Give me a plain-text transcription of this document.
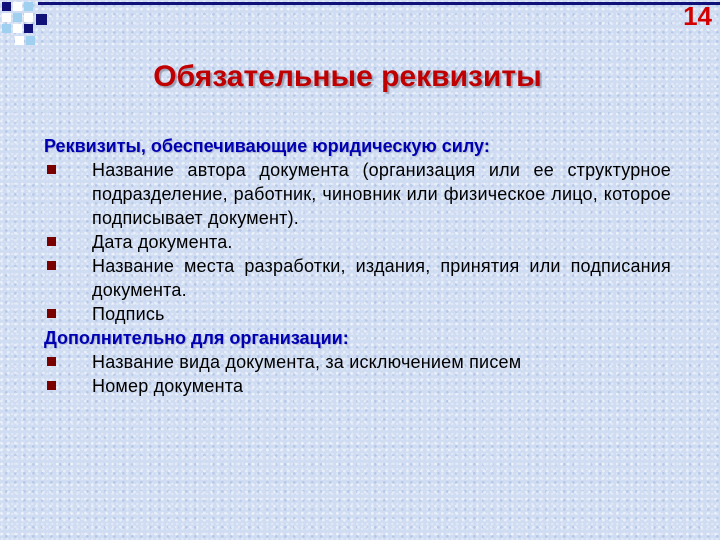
14
Обязательные реквизиты
Реквизиты, обеспечивающие юридическую силу:
Название автора документа (организация или ее структурное подразделение, работник, чиновник или физическое лицо, которое подписывает документ).
Дата документа.
Название места разработки, издания, принятия или подписания документа.
Подпись
Дополнительно для организации:
Название вида документа, за исключением писем
Номер документа
